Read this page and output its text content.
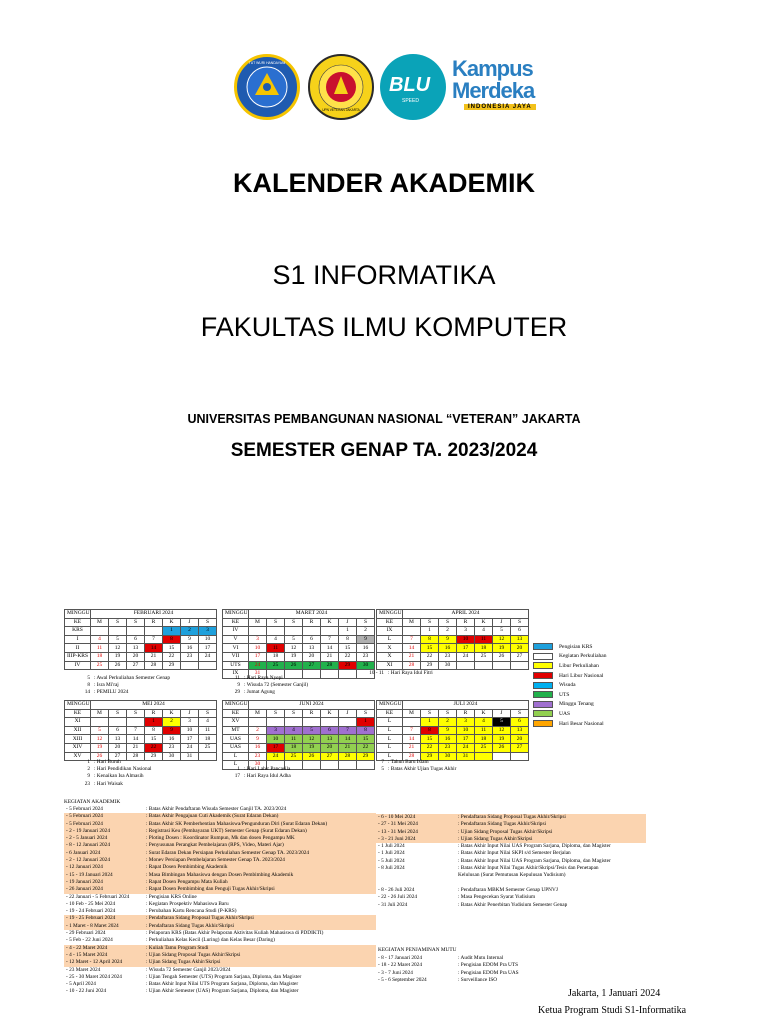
TUT WURI HANDAYANI
UPN VETERAN JAKARTA
BLU
SPEED
Kampus
Merdeka
INDONESIA JAYA
KALENDER AKADEMIK
S1 INFORMATIKA
FAKULTAS ILMU KOMPUTER
UNIVERSITAS PEMBANGUNAN NASIONAL “VETERAN” JAKARTA
SEMESTER GENAP TA. 2023/2024
MINGGU	FEBRUARI 2024						
KE	M	S	S	R	K	J	S
KRS					1	2	3
I	4	5	6	7	8	9	10
II	11	12	13	14	15	16	17
IIIP-KRS	18	19	20	21	22	23	24
IV	25	26	27	28	29		
MINGGU	MARET 2024						
KE	M	S	S	R	K	J	S
IV						1	2
V	3	4	5	6	7	8	9
VI	10	11	12	13	14	15	16
VII	17	18	19	20	21	22	23
UTS	24	25	26	27	28	29	30
IX	31						
MINGGU	APRIL 2024						
KE	M	S	S	R	K	J	S
IX		1	2	3	4	5	6
L	7	8	9	10	11	12	13
X	14	15	16	17	18	19	20
X	21	22	23	24	25	26	27
XI	28	29	30				
MINGGU	MEI 2024						
KE	M	S	S	R	K	J	S
XI				1	2	3	4
XII	5	6	7	8	9	10	11
XIII	12	13	14	15	16	17	18
XIV	19	20	21	22	23	24	25
XV	26	27	28	29	30	31	
MINGGU	JUNI 2024						
KE	M	S	S	R	K	J	S
XV							1
MT	2	3	4	5	6	7	8
UAS	9	10	11	12	13	14	15
UAS	16	17	18	19	20	21	22
L	23	24	25	26	27	28	29
L	30						
MINGGU	JULI 2024						
KE	M	S	S	R	K	J	S
L		1	2	3	4	5	6
L	7	8	9	10	11	12	13
L	14	15	16	17	18	19	20
L	21	22	23	24	25	26	27
L	28	29	30	31			
Pengisian KRS
Kegiatan Perkuliahan
Libur Perkuliahan
Hari Libur Nasional
Wisuda
UTS
Minggu Tenang
UAS
Hari Besar Nasional
5 : Awal Perkuliahan Semester Genap
8 : Isra Mi'raj
14 : PEMILU 2024
11 : Hari Raya Nyepi
9 : Wisuda 72 (Semester Ganjil)
29 : Jumat Agung
10 - 11 : Hari Raya Idul Fitri
1 : Hari Buruh
2 : Hari Pendidikan Nasional
9 : Kenaikan Isa Almasih
23 : Hari Waisak
1 : Hari Lahir Pancasila
17 : Hari Raya Idul Adha
7 : Tahun Baru Islam
5 : Batas Akhir Ujian Tugas Akhir
KEGIATAN AKADEMIK
- 5 Februari 2024	: Batas Akhir Pendaftaran Wisuda Semester Ganjil TA. 2023/2024
- 5 Februari 2024	: Batas Akhir Pengajuan Cuti Akademik (Surat Edaran Dekan)
- 5 Februari 2024	: Batas Akhir SK Pemberhentian Mahasiswa/Pengunduran Diri (Surat Edaran Dekan)
- 2 - 19 Januari 2024	: Registrasi Keu (Pembayaran UKT) Semester Genap (Surat Edaran Dekan)
- 2 - 5 Januari 2024	: Ploting Dosen : Koordinator Rumpun, Mk dan dosen Pengampu MK
- 8 - 12 Januari 2024	: Penyusunan Perangkat Pembelajaran (RPS, Video, Materi Ajar)
- 6 Januari 2024	: Surat Edaran Dekan Persiapan Perkuliahan Semester Genap TA. 2023/2024
- 2 - 12 Januari 2024	: Monev Persiapan Pembelajaran Semester Genap TA. 2023/2024
- 12 Januari 2024	: Rapat Dosen Pembimbing Akademik
- 15 - 19 Januari 2024	: Masa Bimbingan Mahasiswa dengan Dosen Pembimbing Akademik
- 19 Januari 2024	: Rapat Dosen Pengampu Mata Kuliah
- 26 Januari 2024	: Rapat Dosen Pembimbing dan Penguji Tugas Akhir/Skripsi
- 22 Januari - 5 Februari 2024	: Pengisian KRS Online
- 10 Feb - 25 Mei 2024	: Kegiatan Prospektiv Mahasiswa Baru
- 19 - 24 Februari 2024	: Perubahan Kartu Rencana Studi (P-KRS)
- 19 - 25 Februari 2024	: Pendaftaran Sidang Proposal Tugas Akhir/Skripsi
- 1 Maret - 8 Maret 2024	: Pendaftaran Sidang Tugas Akhir/Skripsi
- 29 Februari 2024	: Pelaporan KRS (Batas Akhir Pelaporan Aktivitas Kuliah Mahasiswa di PDDIKTI)
- 5 Feb - 22 Juni 2024	: Perkuliahan Kelas Kecil (Luring) dan Kelas Besar (Daring)
- 4 - 22 Maret 2024	: Kuliah Tamu Program Studi
- 4 - 15 Maret 2024	: Ujian Sidang Proposal Tugas Akhir/Skripsi
- 12 Maret - 12 April 2024	: Ujian Sidang Tugas Akhir/Skripsi
- 23 Maret 2024	: Wisuda 72 Semester Ganjil 2023/2024
- 25 - 30 Maret 2024 2024	: Ujian Tengah Semester (UTS) Program Sarjana, Diploma, dan Magister
- 5 April 2024	: Batas Akhir Input Nilai UTS Program Sarjana, Diploma, dan Magister
- 10 - 22 Juni 2024	: Ujian Akhir Semester (UAS) Program Sarjana, Diploma, dan Magister
- 6 - 10 Mei 2024	: Pendaftaran Sidang Proposal Tugas Akhir/Skripsi
- 27 - 31 Mei 2024	: Pendaftaran Sidang Tugas Akhir/Skripsi
- 13 - 31 Mei 2024	: Ujian Sidang Proposal Tugas Akhir/Skripsi
- 3 - 21 Juni 2024	: Ujian Sidang Tugas Akhir/Skripsi
- 1 Juli 2024	: Batas Akhir Input Nilai UAS Program Sarjana, Diploma, dan Magister
- 1 Juli 2024	: Batas Akhir Input Nilai SKPI s/d Semester Berjalan
- 5 Juli 2024	: Batas Akhir Input Nilai UAS Program Sarjana, Diploma, dan Magister
- 8 Juli 2024	: Batas Akhir Input Nilai Tugas Akhir/Skripsi/Tesis dan Penetapan
Kelulusan (Surat Pemutusan Kepulusan Yudisium)
- 8 - 26 Juli 2024	: Pendaftaran MBKM Semester Genap UPNVJ
- 22 - 26 Juli 2024	: Masa Pengecekan Syarat Yudisium
- 31 Juli 2024	: Batas Akhir Penerbitan Yudisium Semester Genap
KEGIATAN PENJAMINAN MUTU
- 8 - 17 Januari 2024	: Audit Mutu Internal
- 18 - 22 Maret 2024	: Pengisian EDOM Pra UTS
- 3 - 7 Juni 2024	: Pengisian EDOM Pra UAS
- 5 - 6 September 2024	: Surveillance ISO
Jakarta, 1 Januari 2024
Ketua Program Studi S1-Informatika
